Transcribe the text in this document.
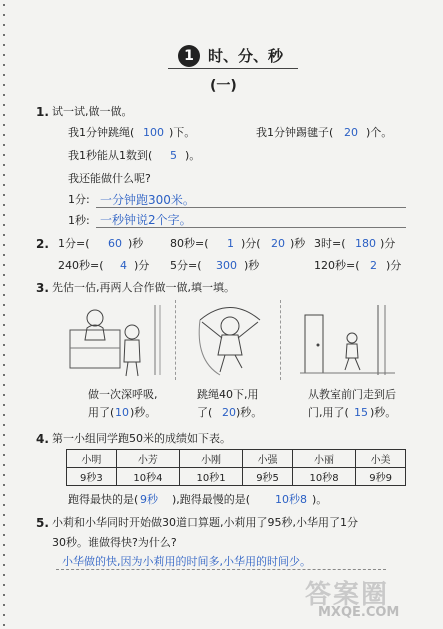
1 时、分、秒
(一)
1. 试一试,做一做。
我1分钟跳绳( 100 )下。	我1分钟踢毽子( 20 )个。
我1秒能从1数到( 5 )。
我还能做什么呢?
1分: 一分钟跑300米。
1秒: 一秒钟说2个字。
2. 1分=( 60 )秒 80秒=( 1 )分( 20 )秒 3时=( 180 )分
240秒=( 4 )分 5分=( 300 )秒	120秒=( 2 )分
3. 先估一估,再两人合作做一做,填一填。
做一次深呼吸,
用了( 10 )秒。
跳绳40下,用
了( 20 )秒。
从教室前门走到后
门,用了( 15 )秒。
4. 第一小组同学跑50米的成绩如下表。
小明	小芳	小刚	小强	小丽	小美
9秒3	10秒4	10秒1	9秒5	10秒8	9秒9
跑得最快的是( 9秒 ),跑得最慢的是( 10秒8 )。
5. 小莉和小华同时开始做30道口算题,小莉用了95秒,小华用了1分
30秒。谁做得快?为什么?
小华做的快,因为小莉用的时间多,小华用的时间少。
答案圈
MXQE.COM
